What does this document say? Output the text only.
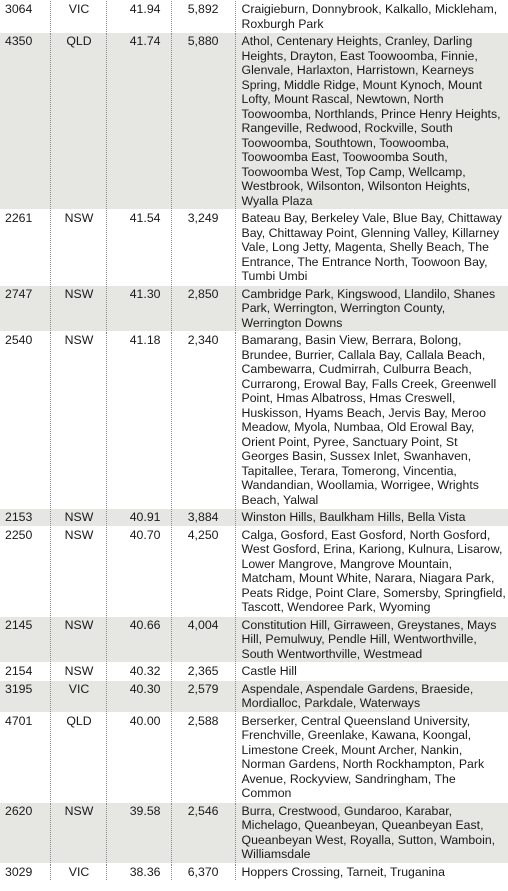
3064	VIC	41.94	5,892	Craigieburn, Donnybrook, Kalkallo, Mickleham, Roxburgh Park
4350	QLD	41.74	5,880	Athol, Centenary Heights, Cranley, Darling Heights, Drayton, East Toowoomba, Finnie, Glenvale, Harlaxton, Harristown, Kearneys Spring, Middle Ridge, Mount Kynoch, Mount Lofty, Mount Rascal, Newtown, North Toowoomba, Northlands, Prince Henry Heights, Rangeville, Redwood, Rockville, South Toowoomba, Southtown, Toowoomba, Toowoomba East, Toowoomba South, Toowoomba West, Top Camp, Wellcamp, Westbrook, Wilsonton, Wilsonton Heights, Wyalla Plaza
2261	NSW	41.54	3,249	Bateau Bay, Berkeley Vale, Blue Bay, Chittaway Bay, Chittaway Point, Glenning Valley, Killarney Vale, Long Jetty, Magenta, Shelly Beach, The Entrance, The Entrance North, Toowoon Bay, Tumbi Umbi
2747	NSW	41.30	2,850	Cambridge Park, Kingswood, Llandilo, Shanes Park, Werrington, Werrington County, Werrington Downs
2540	NSW	41.18	2,340	Bamarang, Basin View, Berrara, Bolong, Brundee, Burrier, Callala Bay, Callala Beach, Cambewarra, Cudmirrah, Culburra Beach, Currarong, Erowal Bay, Falls Creek, Greenwell Point, Hmas Albatross, Hmas Creswell, Huskisson, Hyams Beach, Jervis Bay, Meroo Meadow, Myola, Numbaa, Old Erowal Bay, Orient Point, Pyree, Sanctuary Point, St Georges Basin, Sussex Inlet, Swanhaven, Tapitallee, Terara, Tomerong, Vincentia, Wandandian, Woollamia, Worrigee, Wrights Beach, Yalwal
2153	NSW	40.91	3,884	Winston Hills, Baulkham Hills, Bella Vista
2250	NSW	40.70	4,250	Calga, Gosford, East Gosford, North Gosford, West Gosford, Erina, Kariong, Kulnura, Lisarow, Lower Mangrove, Mangrove Mountain, Matcham, Mount White, Narara, Niagara Park, Peats Ridge, Point Clare, Somersby, Springfield, Tascott, Wendoree Park, Wyoming
2145	NSW	40.66	4,004	Constitution Hill, Girraween, Greystanes, Mays Hill, Pemulwuy, Pendle Hill, Wentworthville, South Wentworthville, Westmead
2154	NSW	40.32	2,365	Castle Hill
3195	VIC	40.30	2,579	Aspendale, Aspendale Gardens, Braeside, Mordialloc, Parkdale, Waterways
4701	QLD	40.00	2,588	Berserker, Central Queensland University, Frenchville, Greenlake, Kawana, Koongal, Limestone Creek, Mount Archer, Nankin, Norman Gardens, North Rockhampton, Park Avenue, Rockyview, Sandringham, The Common
2620	NSW	39.58	2,546	Burra, Crestwood, Gundaroo, Karabar, Michelago, Queanbeyan, Queanbeyan East, Queanbeyan West, Royalla, Sutton, Wamboin, Williamsdale
3029	VIC	38.36	6,370	Hoppers Crossing, Tarneit, Truganina
